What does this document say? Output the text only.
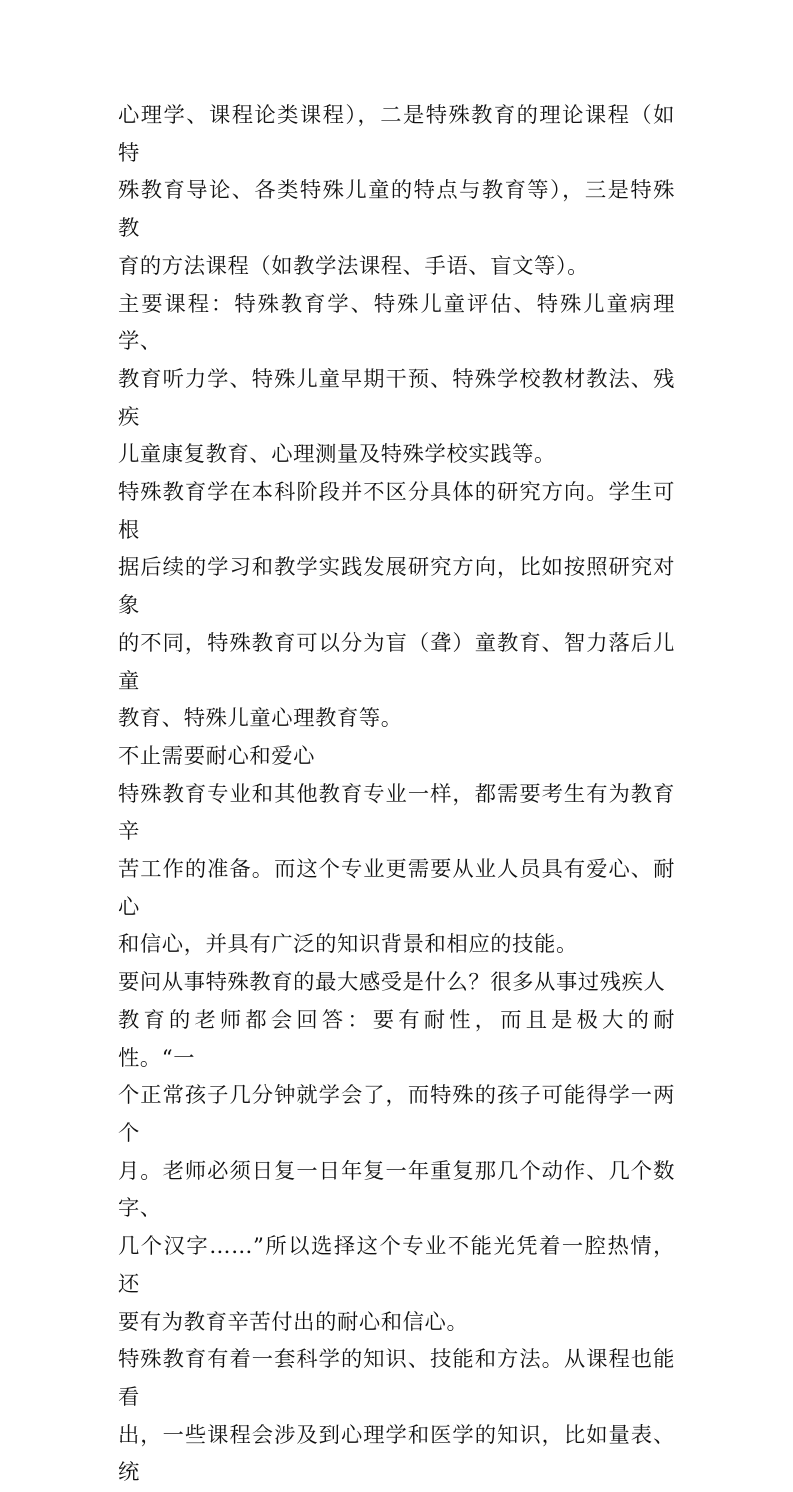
心理学、课程论类课程），二是特殊教育的理论课程（如特
殊教育导论、各类特殊儿童的特点与教育等），三是特殊教
育的方法课程（如教学法课程、手语、盲文等）。

主要课程：特殊教育学、特殊儿童评估、特殊儿童病理学、
教育听力学、特殊儿童早期干预、特殊学校教材教法、残疾
儿童康复教育、心理测量及特殊学校实践等。

特殊教育学在本科阶段并不区分具体的研究方向。学生可根
据后续的学习和教学实践发展研究方向，比如按照研究对象
的不同，特殊教育可以分为盲（聋）童教育、智力落后儿童
教育、特殊儿童心理教育等。

不止需要耐心和爱心

特殊教育专业和其他教育专业一样，都需要考生有为教育辛
苦工作的准备。而这个专业更需要从业人员具有爱心、耐心
和信心，并具有广泛的知识背景和相应的技能。

要问从事特殊教育的最大感受是什么？很多从事过残疾人
教育的老师都会回答：要有耐性，而且是极大的耐性。“一
个正常孩子几分钟就学会了，而特殊的孩子可能得学一两个
月。老师必须日复一日年复一年重复那几个动作、几个数字、
几个汉字……”所以选择这个专业不能光凭着一腔热情，还
要有为教育辛苦付出的耐心和信心。

特殊教育有着一套科学的知识、技能和方法。从课程也能看
出，一些课程会涉及到心理学和医学的知识，比如量表、统
